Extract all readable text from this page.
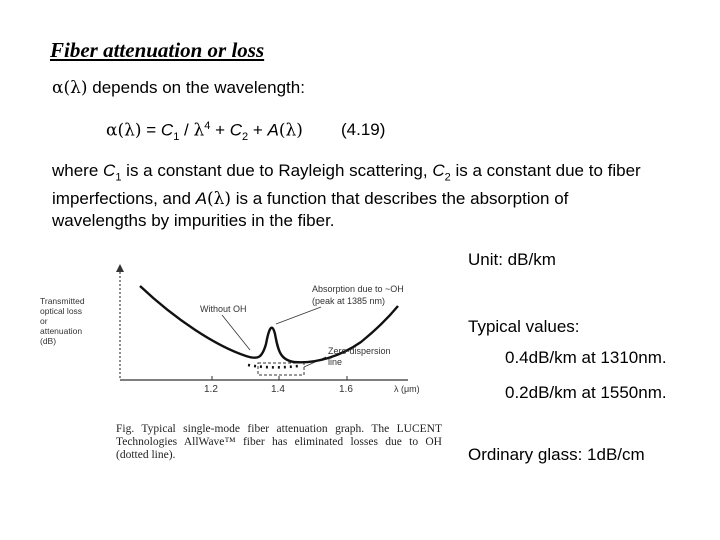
Fiber attenuation or loss
α(λ) depends on the wavelength:
$\alpha(\lambda) = C_1 / \lambda^4 + C_2 + A(\lambda)$ (4.19)
where $C_1$ is a constant due to Rayleigh scattering, $C_2$ is a constant due to fiber imperfections, and A(λ) is a function that describes the absorption of wavelengths by impurities in the fiber.
1.2	1.4	1.6	λ (μm)
Transmitted optical loss or attenuation (dB)
Without OH
Absorption due to ~OH (peak at 1385 nm)
Zero-dispersion line
Fig. Typical single-mode fiber attenuation graph. The LUCENT Technologies AllWave™ fiber has eliminated losses due to OH (dotted line).
Unit: dB/km
Typical values:
0.4dB/km at 1310nm.
0.2dB/km at 1550nm.
Ordinary glass: 1dB/cm
